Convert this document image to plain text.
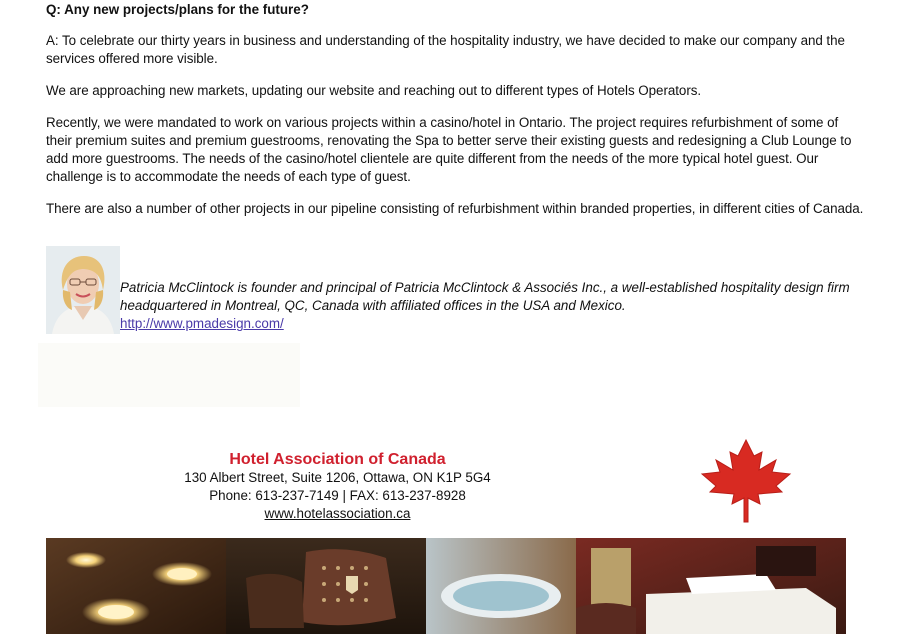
Q: Any new projects/plans for the future?

A: To celebrate our thirty years in business and understanding of the hospitality industry, we have decided to make our company and the services offered more visible.

We are approaching new markets, updating our website and reaching out to different types of Hotels Operators.

Recently, we were mandated to work on various projects within a casino/hotel in Ontario. The project requires refurbishment of some of their premium suites and premium guestrooms, renovating the Spa to better serve their existing guests and redesigning a Club Lounge to add more guestrooms. The needs of the casino/hotel clientele are quite different from the needs of the more typical hotel guest. Our challenge is to accommodate the needs of each type of guest.

There are also a number of other projects in our pipeline consisting of refurbishment within branded properties, in different cities of Canada.

Patricia McClintock is founder and principal of Patricia McClintock & Associés Inc., a well-established hospitality design firm headquartered in Montreal, QC, Canada with affiliated offices in the USA and Mexico.
http://www.pmadesign.com/
Hotel Association of Canada
130 Albert Street, Suite 1206, Ottawa, ON K1P 5G4
Phone: 613-237-7149 | FAX: 613-237-8928
www.hotelassociation.ca
